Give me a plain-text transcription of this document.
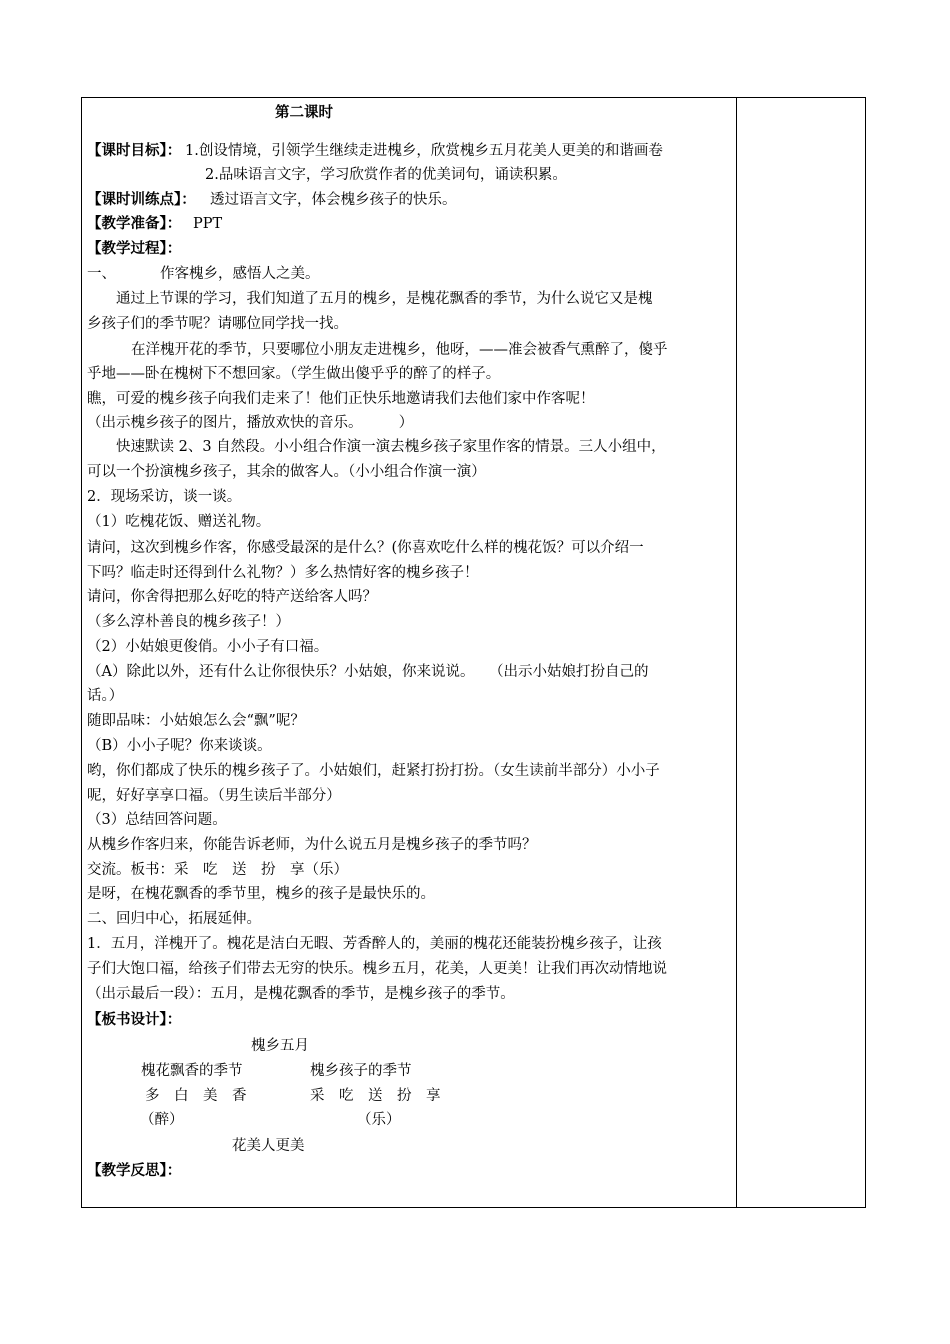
第二课时
【课时目标】： 1.创设情境，引领学生继续走进槐乡，欣赏槐乡五月花美人更美的和谐画卷
2.品味语言文字，学习欣赏作者的优美词句，诵读积累。
【课时训练点】： 透过语言文字，体会槐乡孩子的快乐。
【教学准备】： PPT
【教学过程】：
一、	作客槐乡，感悟人之美。
通过上节课的学习，我们知道了五月的槐乡，是槐花飘香的季节，为什么说它又是槐
乡孩子们的季节呢？请哪位同学找一找。
在洋槐开花的季节，只要哪位小朋友走进槐乡，他呀，——准会被香气熏醉了，傻乎
乎地——卧在槐树下不想回家。（学生做出傻乎乎的醉了的样子。
瞧，可爱的槐乡孩子向我们走来了！他们正快乐地邀请我们去他们家中作客呢！
（出示槐乡孩子的图片，播放欢快的音乐。　　　）
快速默读 2、3 自然段。小小组合作演一演去槐乡孩子家里作客的情景。三人小组中，
可以一个扮演槐乡孩子，其余的做客人。（小小组合作演一演）
2．现场采访，谈一谈。
（1）吃槐花饭、赠送礼物。
请问，这次到槐乡作客，你感受最深的是什么？(你喜欢吃什么样的槐花饭？可以介绍一
下吗？临走时还得到什么礼物？）多么热情好客的槐乡孩子！
请问，你舍得把那么好吃的特产送给客人吗？
（多么淳朴善良的槐乡孩子！）
（2）小姑娘更俊俏。小小子有口福。
（A）除此以外，还有什么让你很快乐？小姑娘，你来说说。　　（出示小姑娘打扮自己的
话。）
随即品味：小姑娘怎么会“飘”呢？
（B）小小子呢？你来谈谈。
哟，你们都成了快乐的槐乡孩子了。小姑娘们，赶紧打扮打扮。（女生读前半部分）小小子
呢，好好享享口福。（男生读后半部分）
（3）总结回答问题。
从槐乡作客归来，你能告诉老师，为什么说五月是槐乡孩子的季节吗？
交流。板书：采　吃　送　扮　享（乐）
是呀，在槐花飘香的季节里，槐乡的孩子是最快乐的。
二、回归中心，拓展延伸。
1．五月，洋槐开了。槐花是洁白无暇、芳香醉人的，美丽的槐花还能装扮槐乡孩子，让孩
子们大饱口福，给孩子们带去无穷的快乐。槐乡五月，花美，人更美！让我们再次动情地说
（出示最后一段）：五月，是槐花飘香的季节，是槐乡孩子的季节。
【板书设计】：
槐乡五月
槐花飘香的季节	槐乡孩子的季节
多　白　美　香	采　吃　送　扮　享
（醉）	（乐）
花美人更美
【教学反思】：
